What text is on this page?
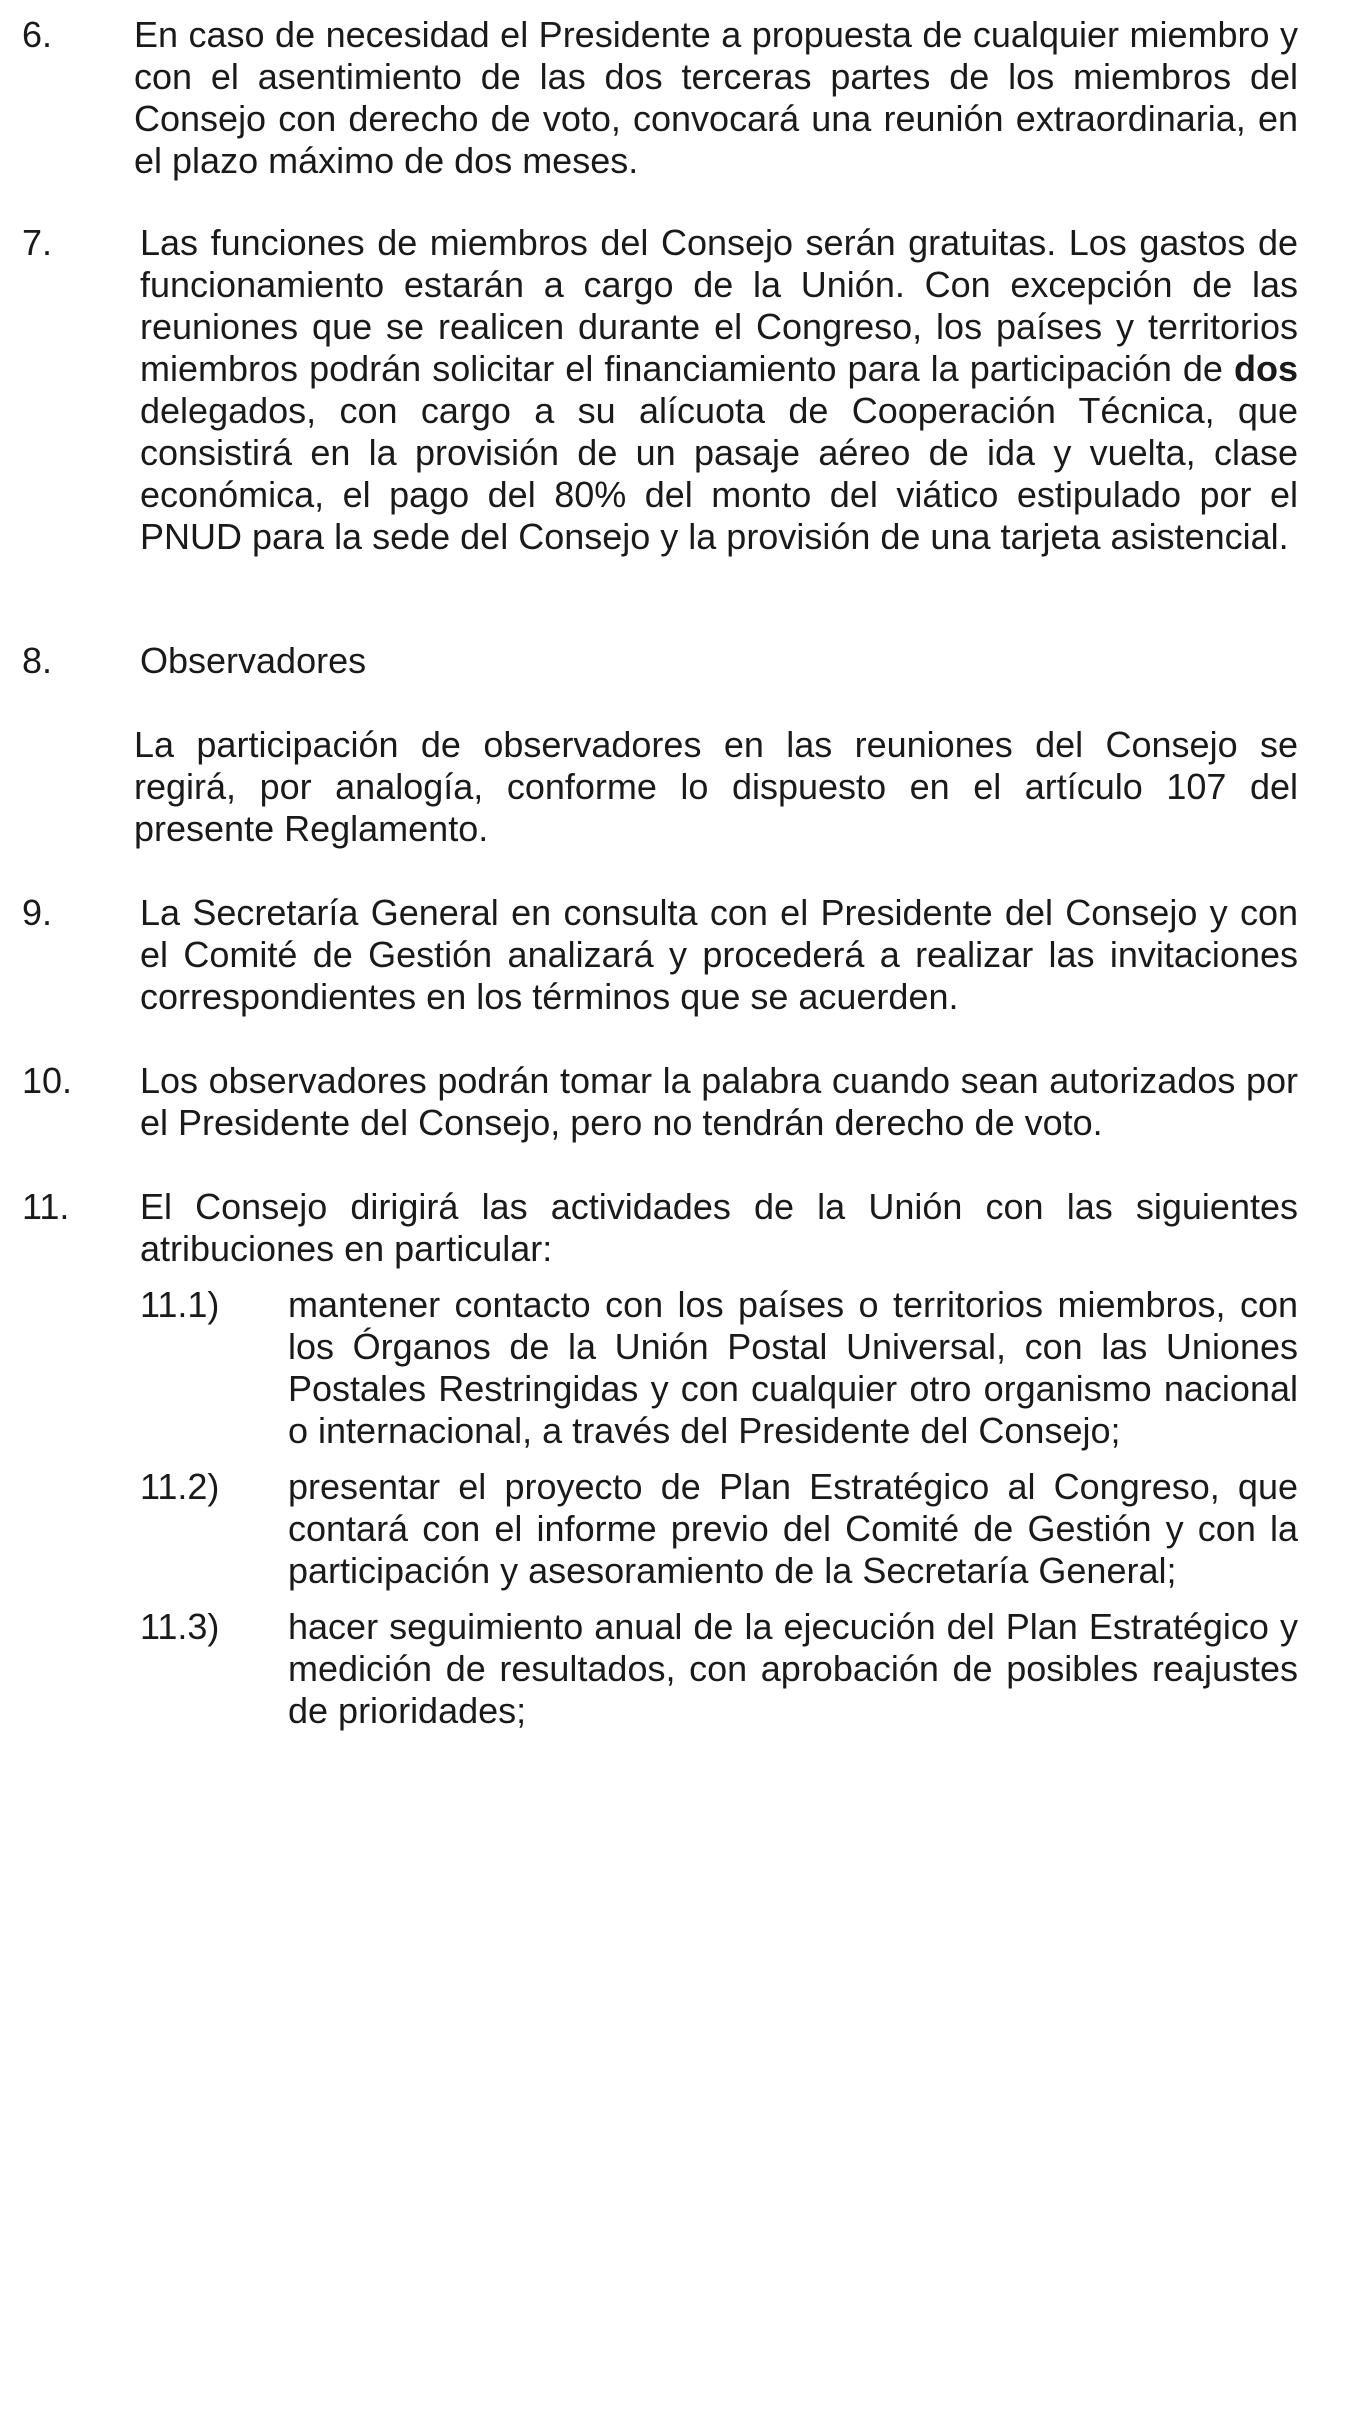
6. En caso de necesidad el Presidente a propuesta de cualquier miembro y con el asentimiento de las dos terceras partes de los miembros del Consejo con derecho de voto, convocará una reunión extraordinaria, en el plazo máximo de dos meses.

7. Las funciones de miembros del Consejo serán gratuitas. Los gastos de funcionamiento estarán a cargo de la Unión. Con excepción de las reuniones que se realicen durante el Congreso, los países y territorios miembros podrán solicitar el financiamiento para la participación de dos delegados, con cargo a su alícuota de Cooperación Técnica, que consistirá en la provisión de un pasaje aéreo de ida y vuelta, clase económica, el pago del 80% del monto del viático estipulado por el PNUD para la sede del Consejo y la provisión de una tarjeta asistencial.

8. Observadores

La participación de observadores en las reuniones del Consejo se regirá, por analogía, conforme lo dispuesto en el artículo 107 del presente Reglamento.

9. La Secretaría General en consulta con el Presidente del Consejo y con el Comité de Gestión analizará y procederá a realizar las invitaciones correspondientes en los términos que se acuerden.

10. Los observadores podrán tomar la palabra cuando sean autorizados por el Presidente del Consejo, pero no tendrán derecho de voto.

11. El Consejo dirigirá las actividades de la Unión con las siguientes atribuciones en particular:

11.1) mantener contacto con los países o territorios miembros, con los Órganos de la Unión Postal Universal, con las Uniones Postales Restringidas y con cualquier otro organismo nacional o internacional, a través del Presidente del Consejo;

11.2) presentar el proyecto de Plan Estratégico al Congreso, que contará con el informe previo del Comité de Gestión y con la participación y asesoramiento de la Secretaría General;

11.3) hacer seguimiento anual de la ejecución del Plan Estratégico y medición de resultados, con aprobación de posibles reajustes de prioridades;
